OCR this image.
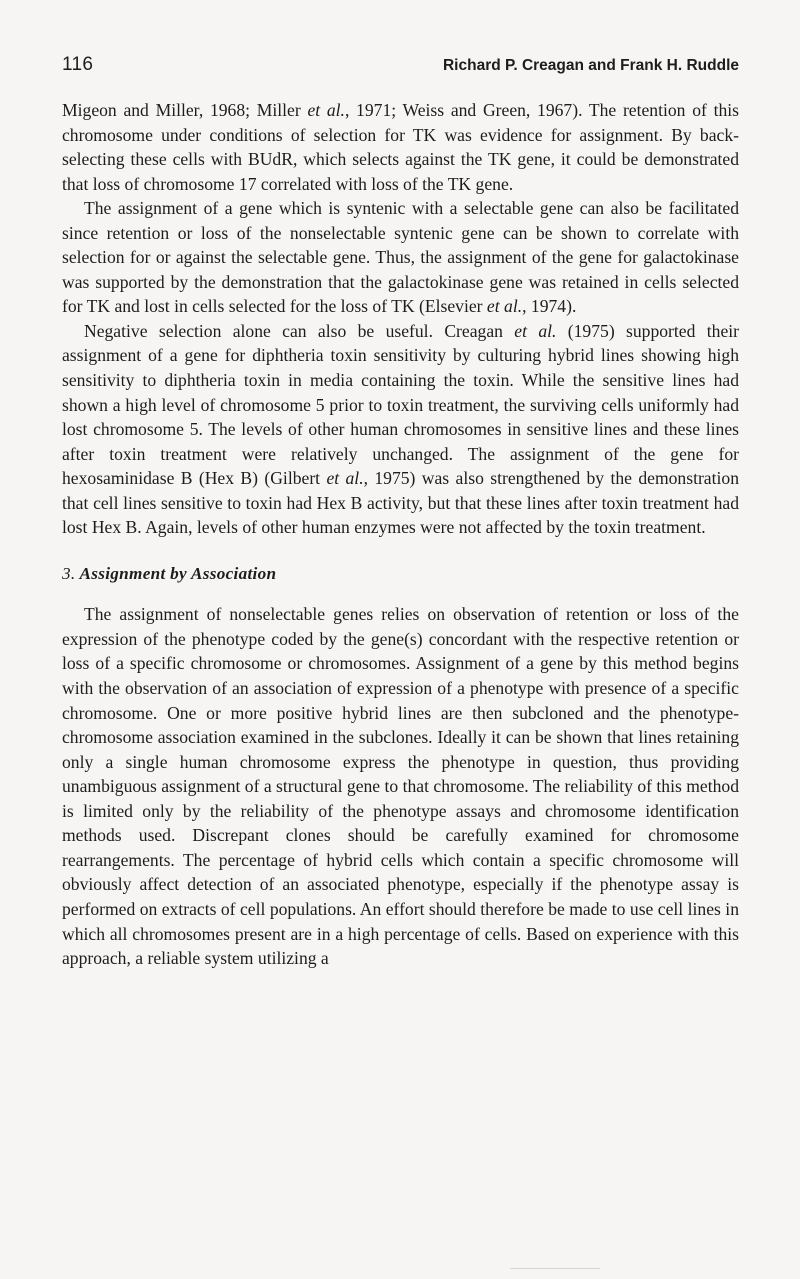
116	Richard P. Creagan and Frank H. Ruddle

Migeon and Miller, 1968; Miller et al., 1971; Weiss and Green, 1967). The retention of this chromosome under conditions of selection for TK was evidence for assignment. By back-selecting these cells with BUdR, which selects against the TK gene, it could be demonstrated that loss of chromosome 17 correlated with loss of the TK gene.

The assignment of a gene which is syntenic with a selectable gene can also be facilitated since retention or loss of the nonselectable syntenic gene can be shown to correlate with selection for or against the selectable gene. Thus, the assignment of the gene for galactokinase was supported by the demonstration that the galactokinase gene was retained in cells selected for TK and lost in cells selected for the loss of TK (Elsevier et al., 1974).

Negative selection alone can also be useful. Creagan et al. (1975) supported their assignment of a gene for diphtheria toxin sensitivity by culturing hybrid lines showing high sensitivity to diphtheria toxin in media containing the toxin. While the sensitive lines had shown a high level of chromosome 5 prior to toxin treatment, the surviving cells uniformly had lost chromosome 5. The levels of other human chromosomes in sensitive lines and these lines after toxin treatment were relatively unchanged. The assignment of the gene for hexosaminidase B (Hex B) (Gilbert et al., 1975) was also strengthened by the demonstration that cell lines sensitive to toxin had Hex B activity, but that these lines after toxin treatment had lost Hex B. Again, levels of other human enzymes were not affected by the toxin treatment.

3. Assignment by Association

The assignment of nonselectable genes relies on observation of retention or loss of the expression of the phenotype coded by the gene(s) concordant with the respective retention or loss of a specific chromosome or chromosomes. Assignment of a gene by this method begins with the observation of an association of expression of a phenotype with presence of a specific chromosome. One or more positive hybrid lines are then subcloned and the phenotype-chromosome association examined in the subclones. Ideally it can be shown that lines retaining only a single human chromosome express the phenotype in question, thus providing unambiguous assignment of a structural gene to that chromosome. The reliability of this method is limited only by the reliability of the phenotype assays and chromosome identification methods used. Discrepant clones should be carefully examined for chromosome rearrangements. The percentage of hybrid cells which contain a specific chromosome will obviously affect detection of an associated phenotype, especially if the phenotype assay is performed on extracts of cell populations. An effort should therefore be made to use cell lines in which all chromosomes present are in a high percentage of cells. Based on experience with this approach, a reliable system utilizing a
